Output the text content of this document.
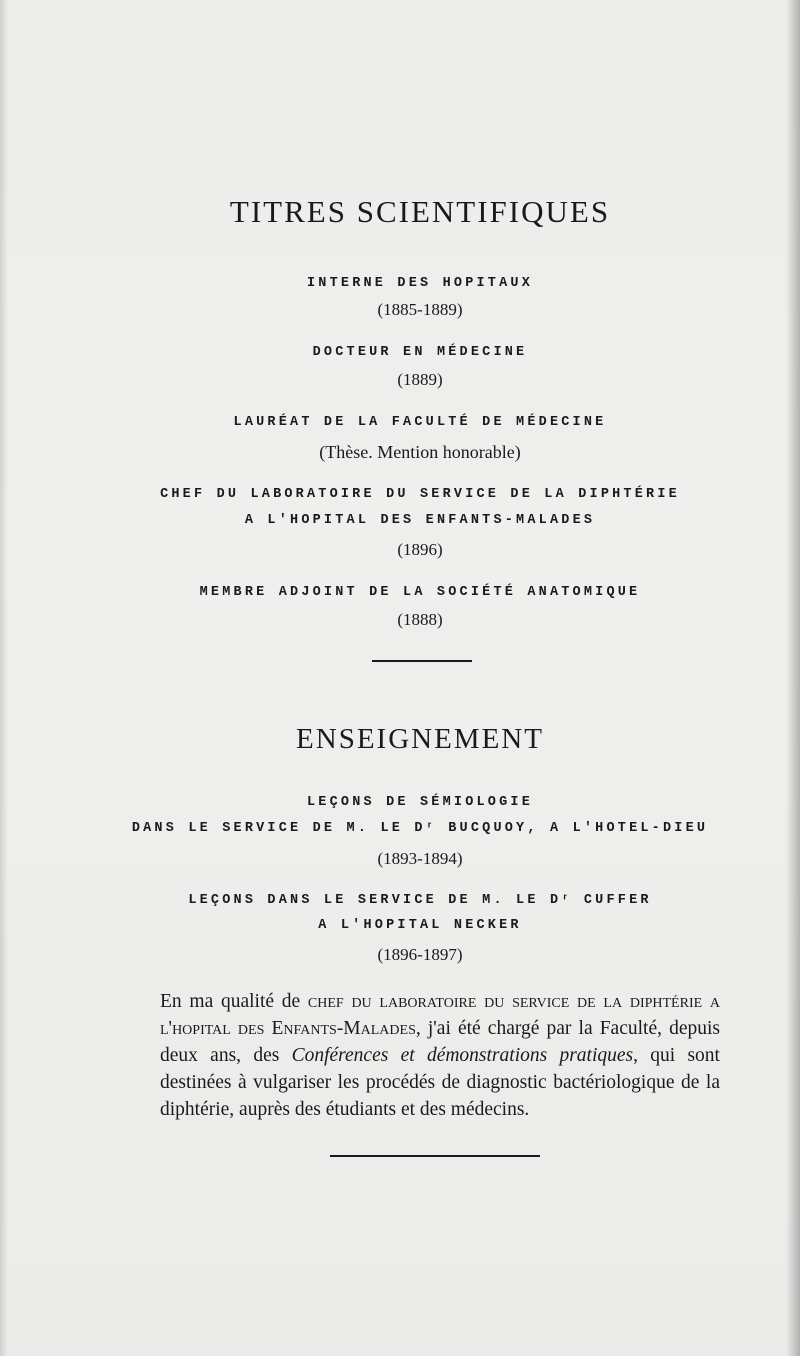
TITRES SCIENTIFIQUES
INTERNE DES HOPITAUX
(1885-1889)
DOCTEUR EN MÉDECINE
(1889)
LAURÉAT DE LA FACULTÉ DE MÉDECINE
(Thèse. Mention honorable)
CHEF DU LABORATOIRE DU SERVICE DE LA DIPHTÉRIE
A L'HOPITAL DES ENFANTS-MALADES
(1896)
MEMBRE ADJOINT DE LA SOCIÉTÉ ANATOMIQUE
(1888)
ENSEIGNEMENT
LEÇONS DE SÉMIOLOGIE
DANS LE SERVICE DE M. LE Dʳ BUCQUOY, A L'HOTEL-DIEU
(1893-1894)
LEÇONS DANS LE SERVICE DE M. LE Dʳ CUFFER
A L'HOPITAL NECKER
(1896-1897)
En ma qualité de chef du laboratoire du service de la diphtérie a l'hopital des Enfants-Malades, j'ai été chargé par la Faculté, depuis deux ans, des Conférences et démonstrations pratiques, qui sont destinées à vulgariser les procédés de diagnostic bactériologique de la diphtérie, auprès des étudiants et des médecins.
